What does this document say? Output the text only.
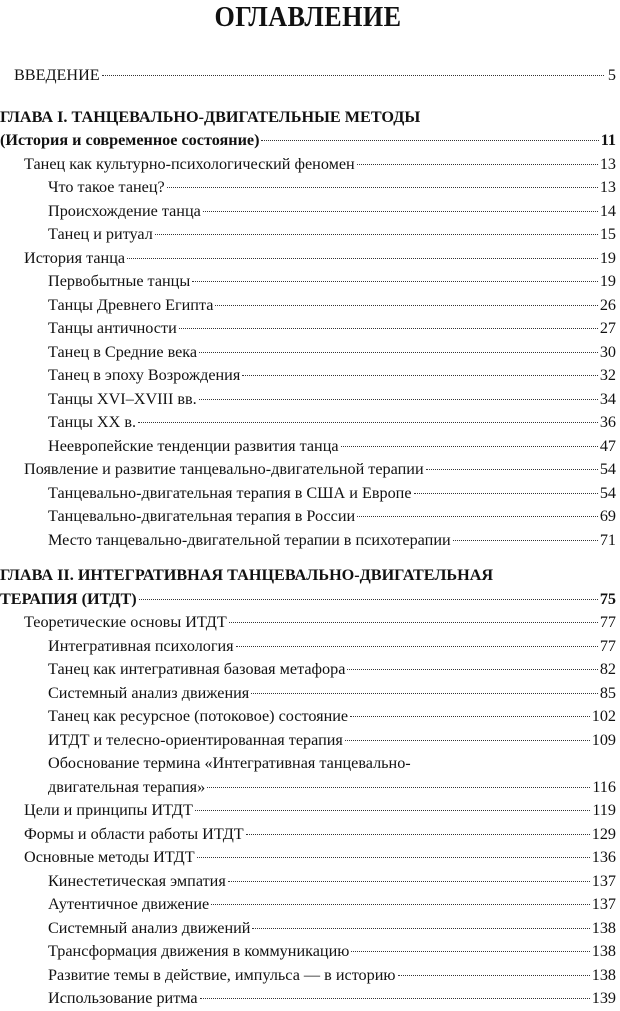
ОГЛАВЛЕНИЕ
ВВЕДЕНИЕ	5
ГЛАВА I. ТАНЦЕВАЛЬНО-ДВИГАТЕЛЬНЫЕ МЕТОДЫ
(История и современное состояние)	11
Танец как культурно-психологический феномен	13
Что такое танец?	13
Происхождение танца	14
Танец и ритуал	15
История танца	19
Первобытные танцы	19
Танцы Древнего Египта	26
Танцы античности	27
Танец в Средние века	30
Танец в эпоху Возрождения	32
Танцы XVI–XVIII вв.	34
Танцы XX в.	36
Неевропейские тенденции развития танца	47
Появление и развитие танцевально-двигательной терапии	54
Танцевально-двигательная терапия в США и Европе	54
Танцевально-двигательная терапия в России	69
Место танцевально-двигательной терапии в психотерапии	71
ГЛАВА II. ИНТЕГРАТИВНАЯ ТАНЦЕВАЛЬНО-ДВИГАТЕЛЬНАЯ
ТЕРАПИЯ (ИТДТ)	75
Теоретические основы ИТДТ	77
Интегративная психология	77
Танец как интегративная базовая метафора	82
Системный анализ движения	85
Танец как ресурсное (потоковое) состояние	102
ИТДТ и телесно-ориентированная терапия	109
Обоснование термина «Интегративная танцевально-
двигательная терапия»	116
Цели и принципы ИТДТ	119
Формы и области работы ИТДТ	129
Основные методы ИТДТ	136
Кинестетическая эмпатия	137
Аутентичное движение	137
Системный анализ движений	138
Трансформация движения в коммуникацию	138
Развитие темы в действие, импульса — в историю	138
Использование ритма	139
